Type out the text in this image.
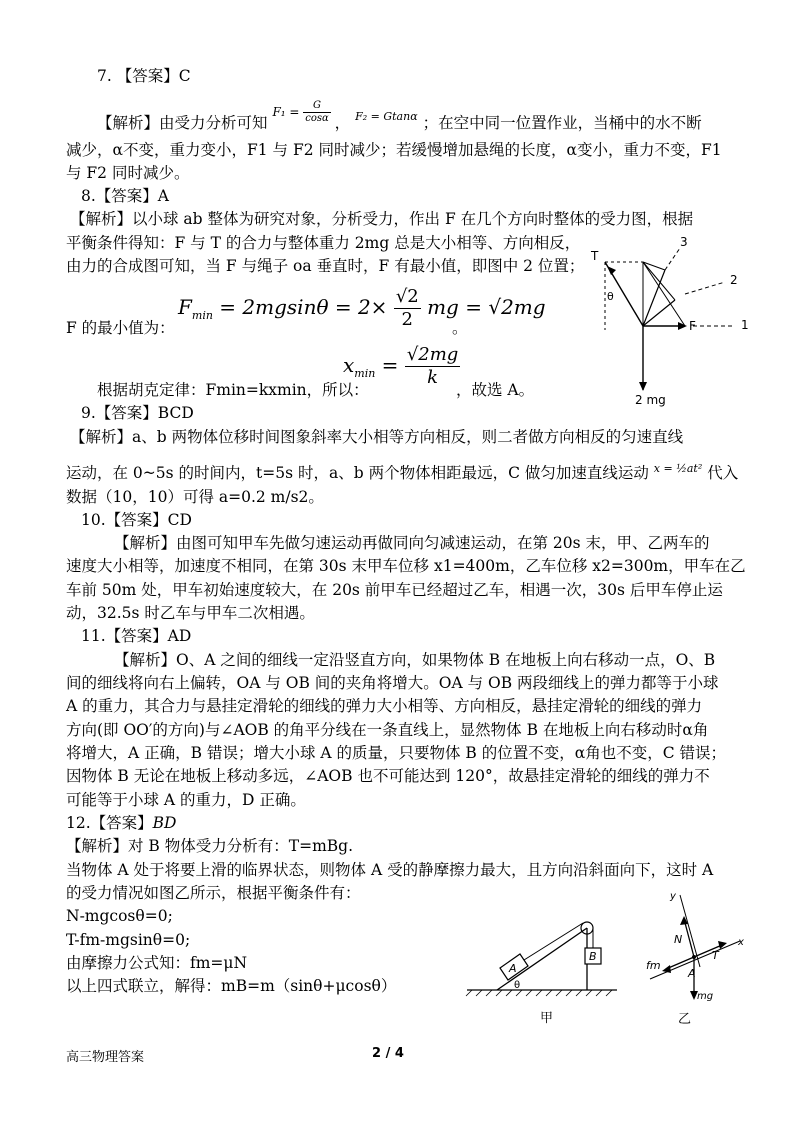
7. 【答案】C
【解析】由受力分析可知 $^{F_1 = \frac{G}{\cos\alpha}}$ ， $^{F_2 = Gtan\alpha}$ ；在空中同一位置作业，当桶中的水不断
减少，α不变，重力变小，F1 与 F2 同时减少；若缓慢增加悬绳的长度，α变小，重力不变，F1
与 F2 同时减少。
8.【答案】A
【解析】以小球 ab 整体为研究对象，分析受力，作出 F 在几个方向时整体的受力图，根据
平衡条件得知：F 与 T 的合力与整体重力 2mg 总是大小相等、方向相反，
由力的合成图可知，当 F 与绳子 oa 垂直时，F 有最小值，即图中 2 位置；
$F_{min} = 2mgsin\theta = 2\times \frac{√2}{2}$ mg = √2mg
F 的最小值为：	。
$x_{min} = \frac{√2mg}{k}$
根据胡克定律：Fmin=kxmin，所以：	，故选 A。
T
θ
3
2
F	1
2 mg
9.【答案】BCD
【解析】a、b 两物体位移时间图象斜率大小相等方向相反，则二者做方向相反的匀速直线
运动，在 0~5s 的时间内，t=5s 时，a、b 两个物体相距最远，C 做匀加速直线运动 $^{x = \frac{1}{2}at^2}$ 代入
数据（10，10）可得 a=0.2 m/s2。
10.【答案】CD
【解析】由图可知甲车先做匀速运动再做同向匀减速运动，在第 20s 末，甲、乙两车的
速度大小相等，加速度不相同，在第 30s 末甲车位移 x1=400m，乙车位移 x2=300m，甲车在乙
车前 50m 处，甲车初始速度较大，在 20s 前甲车已经超过乙车，相遇一次，30s 后甲车停止运
动，32.5s 时乙车与甲车二次相遇。
11.【答案】AD
【解析】O、A 之间的细线一定沿竖直方向，如果物体 B 在地板上向右移动一点，O、B
间的细线将向右上偏转，OA 与 OB 间的夹角将增大。OA 与 OB 两段细线上的弹力都等于小球
A 的重力，其合力与悬挂定滑轮的细线的弹力大小相等、方向相反，悬挂定滑轮的细线的弹力
方向(即 OO′的方向)与∠AOB 的角平分线在一条直线上，显然物体 B 在地板上向右移动时α角
将增大，A 正确，B 错误；增大小球 A 的质量，只要物体 B 的位置不变，α角也不变，C 错误；
因物体 B 无论在地板上移动多远，∠AOB 也不可能达到 120°，故悬挂定滑轮的细线的弹力不
可能等于小球 A 的重力，D 正确。
12.【答案】BD
【解析】对 B 物体受力分析有：T=mBg.
当物体 A 处于将要上滑的临界状态，则物体 A 受的静摩擦力最大，且方向沿斜面向下，这时 A
的受力情况如图乙所示，根据平衡条件有：
N-mgcosθ=0;
T-fm-mgsinθ=0;
由摩擦力公式知：fm=μN
以上四式联立，解得：mB=m（sinθ+μcosθ）
A
B
θ
甲
y
N	x
T
fm
A
mg
乙
高三物理答案	2 / 4
